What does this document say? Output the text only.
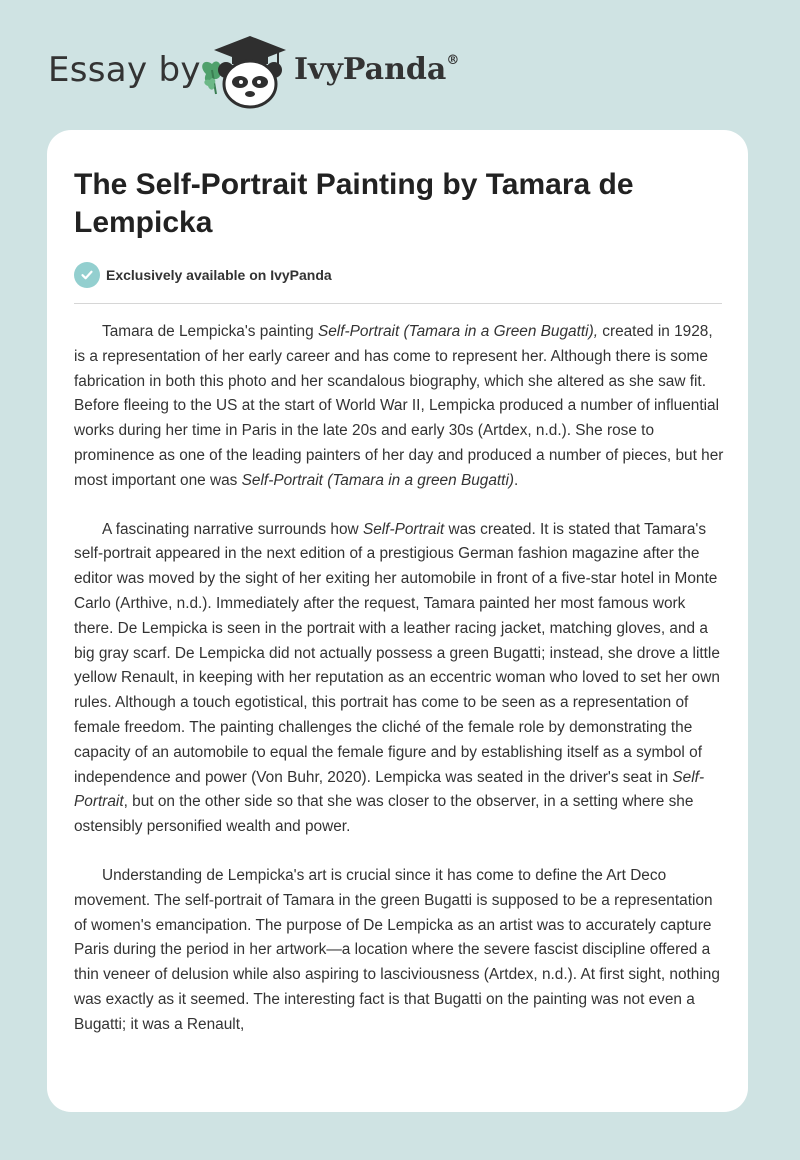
Essay by	IvyPanda®
The Self-Portrait Painting by Tamara de Lempicka
Exclusively available on IvyPanda

Tamara de Lempicka's painting Self-Portrait (Tamara in a Green Bugatti), created in 1928, is a representation of her early career and has come to represent her. Although there is some fabrication in both this photo and her scandalous biography, which she altered as she saw fit. Before fleeing to the US at the start of World War II, Lempicka produced a number of influential works during her time in Paris in the late 20s and early 30s (Artdex, n.d.). She rose to prominence as one of the leading painters of her day and produced a number of pieces, but her most important one was Self-Portrait (Tamara in a green Bugatti).

A fascinating narrative surrounds how Self-Portrait was created. It is stated that Tamara's self-portrait appeared in the next edition of a prestigious German fashion magazine after the editor was moved by the sight of her exiting her automobile in front of a five-star hotel in Monte Carlo (Arthive, n.d.). Immediately after the request, Tamara painted her most famous work there. De Lempicka is seen in the portrait with a leather racing jacket, matching gloves, and a big gray scarf. De Lempicka did not actually possess a green Bugatti; instead, she drove a little yellow Renault, in keeping with her reputation as an eccentric woman who loved to set her own rules. Although a touch egotistical, this portrait has come to be seen as a representation of female freedom. The painting challenges the cliché of the female role by demonstrating the capacity of an automobile to equal the female figure and by establishing itself as a symbol of independence and power (Von Buhr, 2020). Lempicka was seated in the driver's seat in Self-Portrait, but on the other side so that she was closer to the observer, in a setting where she ostensibly personified wealth and power.

Understanding de Lempicka's art is crucial since it has come to define the Art Deco movement. The self-portrait of Tamara in the green Bugatti is supposed to be a representation of women's emancipation. The purpose of De Lempicka as an artist was to accurately capture Paris during the period in her artwork—a location where the severe fascist discipline offered a thin veneer of delusion while also aspiring to lasciviousness (Artdex, n.d.). At first sight, nothing was exactly as it seemed. The interesting fact is that Bugatti on the painting was not even a Bugatti; it was a Renault,
